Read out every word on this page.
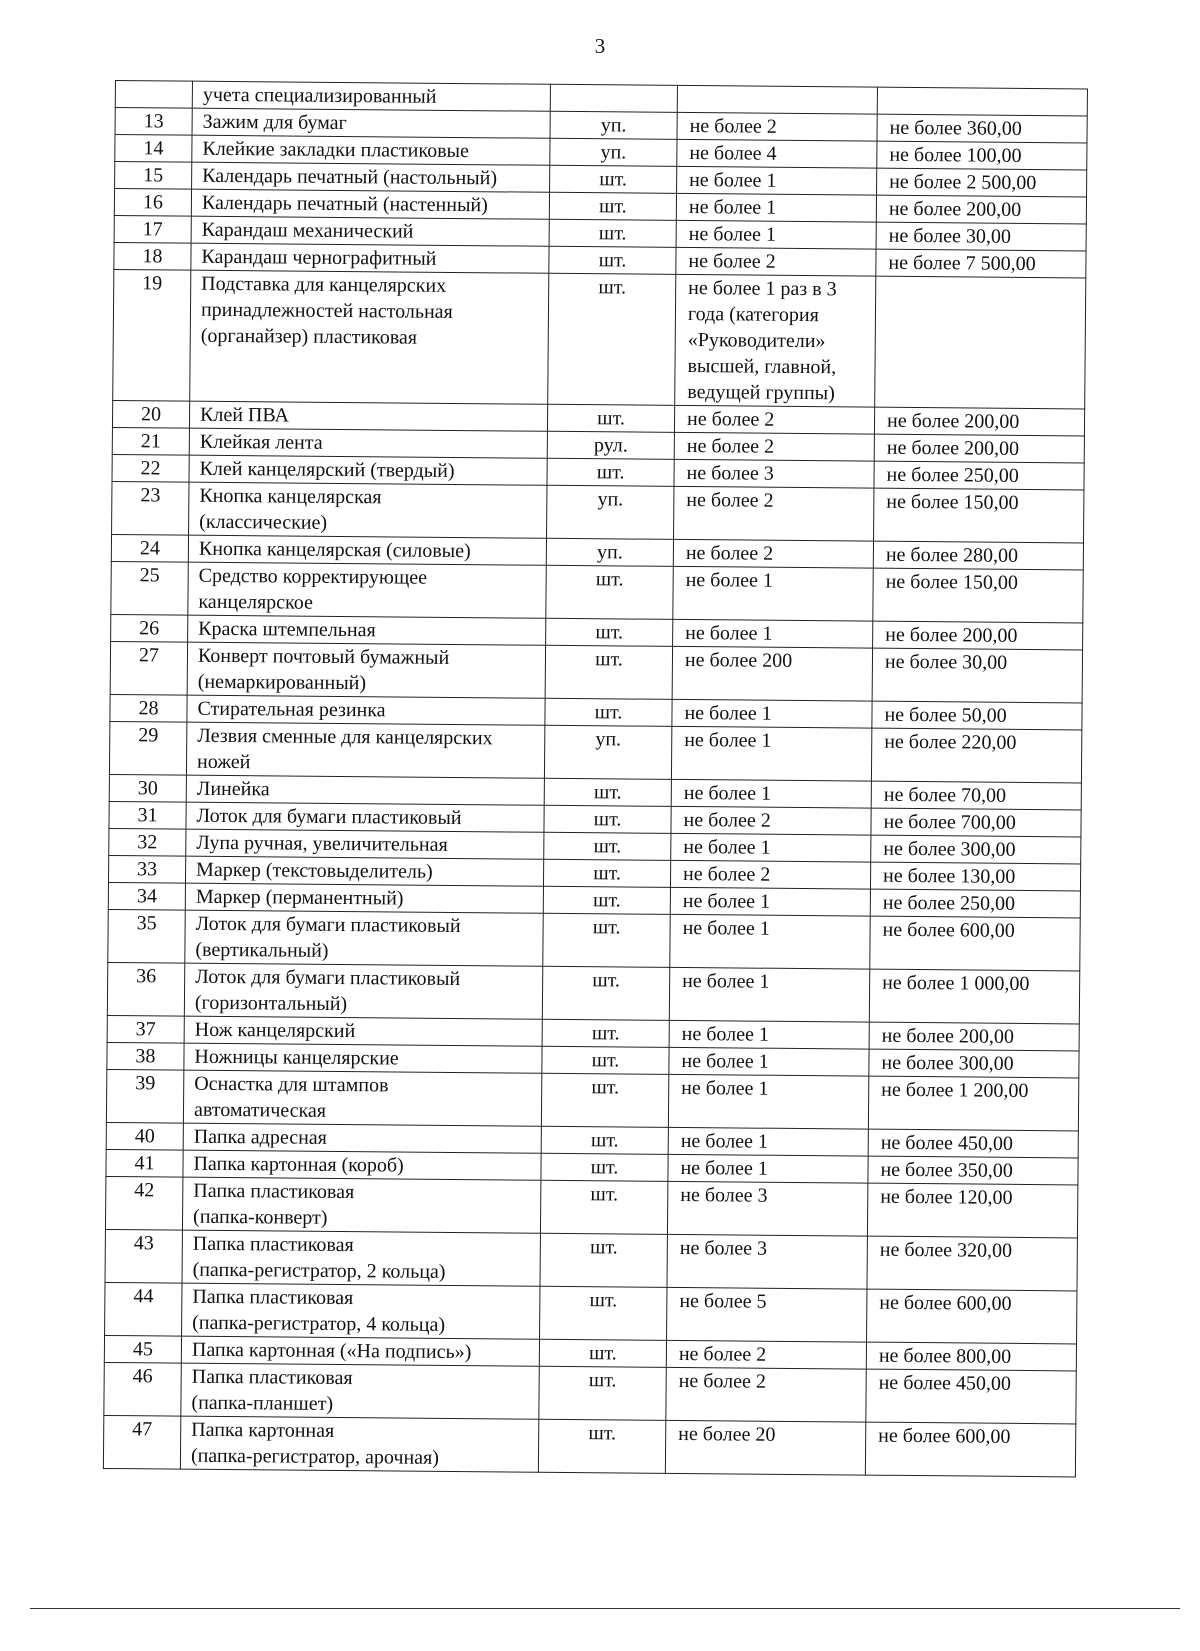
3

	учета специализированный			

13	Зажим для бумаг	уп.	не более 2	не более 360,00
14	Клейкие закладки пластиковые	уп.	не более 4	не более 100,00
15	Календарь печатный (настольный)	шт.	не более 1	не более 2 500,00
16	Календарь печатный (настенный)	шт.	не более 1	не более 200,00
17	Карандаш механический	шт.	не более 1	не более 30,00
18	Карандаш чернографитный	шт.	не более 2	не более 7 500,00
19	Подставка для канцелярских
принадлежностей настольная
(органайзер) пластиковая	шт.	не более 1 раз в 3
года (категория
«Руководители»
высшей, главной,
ведущей группы)	

20	Клей ПВА	шт.	не более 2	не более 200,00
21	Клейкая лента	рул.	не более 2	не более 200,00
22	Клей канцелярский (твердый)	шт.	не более 3	не более 250,00
23	Кнопка канцелярская
(классические)	уп.	не более 2	не более 150,00
24	Кнопка канцелярская (силовые)	уп.	не более 2	не более 280,00
25	Средство корректирующее
канцелярское	шт.	не более 1	не более 150,00
26	Краска штемпельная	шт.	не более 1	не более 200,00
27	Конверт почтовый бумажный
(немаркированный)	шт.	не более 200	не более 30,00
28	Стирательная резинка	шт.	не более 1	не более 50,00
29	Лезвия сменные для канцелярских
ножей	уп.	не более 1	не более 220,00
30	Линейка	шт.	не более 1	не более 70,00
31	Лоток для бумаги пластиковый	шт.	не более 2	не более 700,00
32	Лупа ручная, увеличительная	шт.	не более 1	не более 300,00
33	Маркер (текстовыделитель)	шт.	не более 2	не более 130,00
34	Маркер (перманентный)	шт.	не более 1	не более 250,00
35	Лоток для бумаги пластиковый
(вертикальный)	шт.	не более 1	не более 600,00
36	Лоток для бумаги пластиковый
(горизонтальный)	шт.	не более 1	не более 1 000,00
37	Нож канцелярский	шт.	не более 1	не более 200,00
38	Ножницы канцелярские	шт.	не более 1	не более 300,00
39	Оснастка для штампов
автоматическая	шт.	не более 1	не более 1 200,00
40	Папка адресная	шт.	не более 1	не более 450,00
41	Папка картонная (короб)	шт.	не более 1	не более 350,00
42	Папка пластиковая
(папка-конверт)	шт.	не более 3	не более 120,00
43	Папка пластиковая
(папка-регистратор, 2 кольца)	шт.	не более 3	не более 320,00
44	Папка пластиковая
(папка-регистратор, 4 кольца)	шт.	не более 5	не более 600,00
45	Папка картонная («На подпись»)	шт.	не более 2	не более 800,00
46	Папка пластиковая
(папка-планшет)	шт.	не более 2	не более 450,00
47	Папка картонная
(папка-регистратор, арочная)	шт.	не более 20	не более 600,00
